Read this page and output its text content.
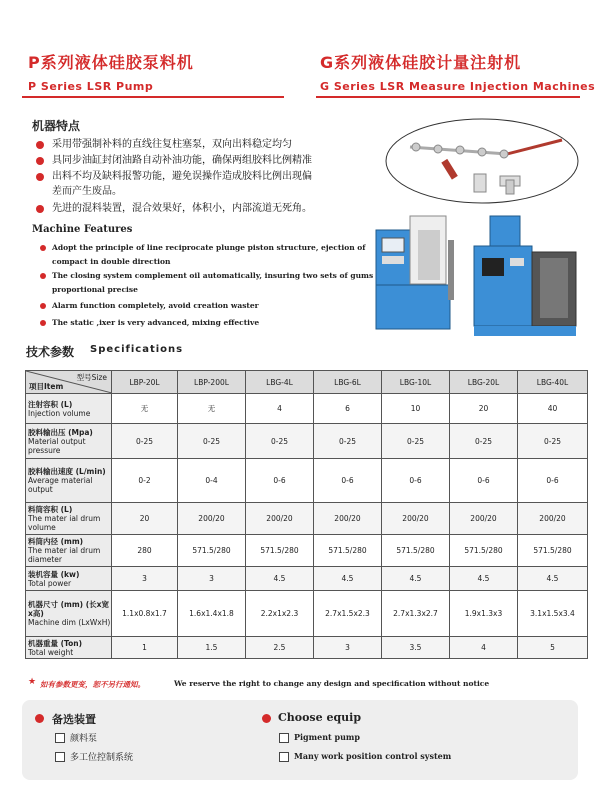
P系列液体硅胶泵料机
P Series LSR Pump
G系列液体硅胶计量注射机
G Series LSR Measure Injection Machines
机器特点
采用带强制补料的直线往复柱塞泵，双向出料稳定均匀
具同步油缸封闭油路自动补油功能，确保两组胶料比例精准
出料不均及缺料报警功能，避免误操作造成胶料比例出现偏
差而产生废品。
先进的混料装置，混合效果好，体积小，内部流道无死角。
Machine Features
Adopt the principle of line reciprocate plunge piston structure, ejection of
compact in double direction
The closing system complement oil automatically, insuring two sets of gums
proportional precise
Alarm function completely, avoid creation waster
The static ,ixer is very advanced, mixing effective
技术参数 Specifications
型号Size
项目Item	LBP-20L	LBP-200L	LBG-4L	LBG-6L	LBG-10L	LBG-20L	LBG-40L
注射容积 (L)
Injection volume	无	无	4	6	10	20	40
胶料输出压 (Mpa)
Material output pressure	0-25	0-25	0-25	0-25	0-25	0-25	0-25
胶料输出速度 (L/min)
Average material output	0-2	0-4	0-6	0-6	0-6	0-6	0-6
料筒容积 (L)
The mater ial drum volume	20	200/20	200/20	200/20	200/20	200/20	200/20
料筒内径 (mm)
The mater ial drum diameter	280	571.5/280	571.5/280	571.5/280	571.5/280	571.5/280	571.5/280
装机容量 (kw)
Total power	3	3	4.5	4.5	4.5	4.5	4.5
机器尺寸 (mm) (长x宽x高)
Machine dim (LxWxH)	1.1x0.8x1.7	1.6x1.4x1.8	2.2x1x2.3	2.7x1.5x2.3	2.7x1.3x2.7	1.9x1.3x3	3.1x1.5x3.4
机器重量 (Ton)
Total weight	1	1.5	2.5	3	3.5	4	5
★ 如有参数更变，恕不另行通知。	We reserve the right to change any design and specification without notice
备选装置
颜料泵
多工位控制系统
Choose equip
Pigment pump
Many work position control system
